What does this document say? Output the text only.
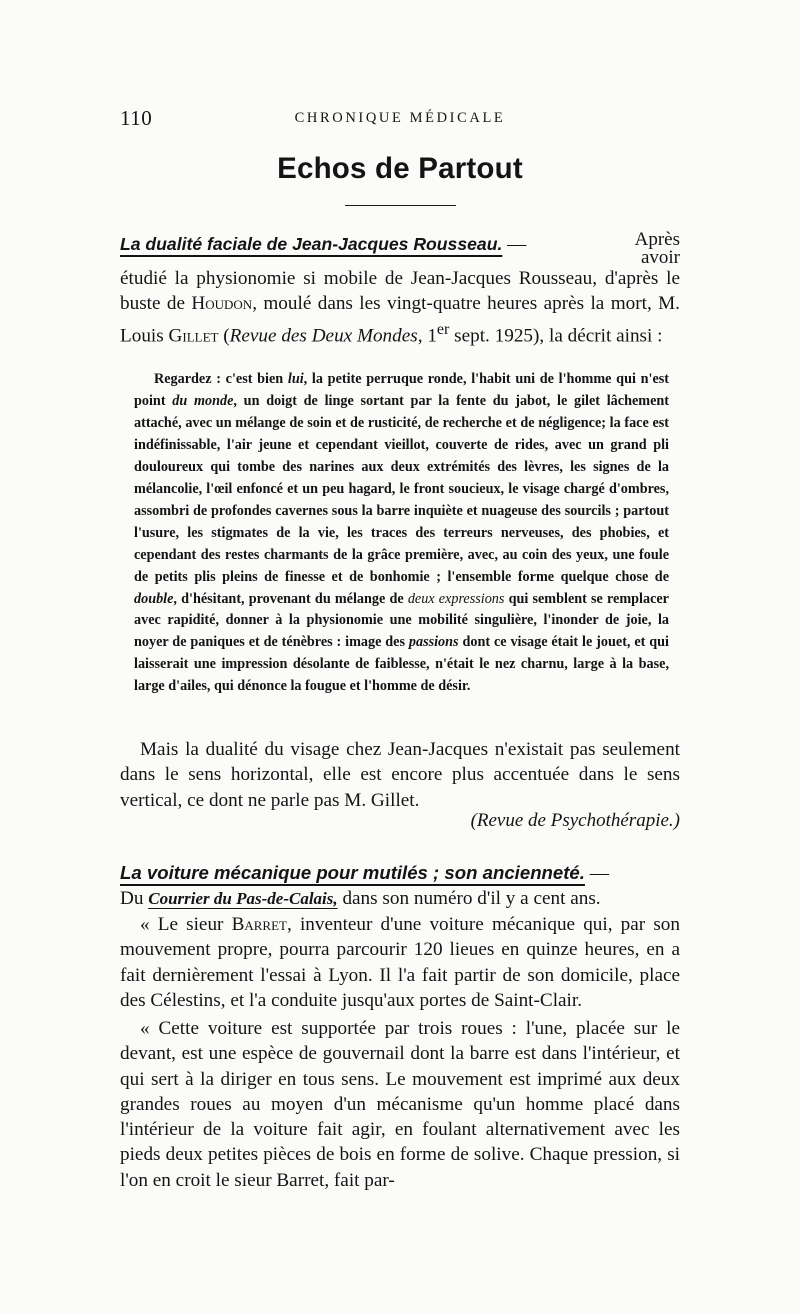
110	CHRONIQUE MÉDICALE
Echos de Partout

La dualité faciale de Jean-Jacques Rousseau. —	Après
avoir

étudié la physionomie si mobile de Jean-Jacques Rousseau, d'après le buste de Houdon, moulé dans les vingt-quatre heures après la mort, M. Louis Gillet (Revue des Deux Mondes, 1er sept. 1925), la décrit ainsi :

Regardez : c'est bien lui, la petite perruque ronde, l'habit uni de l'homme qui n'est point du monde, un doigt de linge sortant par la fente du jabot, le gilet lâchement attaché, avec un mélange de soin et de rusticité, de recherche et de négligence; la face est indéfinissable, l'air jeune et cependant vieillot, couverte de rides, avec un grand pli douloureux qui tombe des narines aux deux extrémités des lèvres, les signes de la mélancolie, l'œil enfoncé et un peu hagard, le front soucieux, le visage chargé d'ombres, assombri de profondes cavernes sous la barre inquiète et nuageuse des sourcils ; partout l'usure, les stigmates de la vie, les traces des terreurs nerveuses, des phobies, et cependant des restes charmants de la grâce première, avec, au coin des yeux, une foule de petits plis pleins de finesse et de bonhomie ; l'ensemble forme quelque chose de double, d'hésitant, provenant du mélange de deux expressions qui semblent se remplacer avec rapidité, donner à la physionomie une mobilité singulière, l'inonder de joie, la noyer de paniques et de ténèbres : image des passions dont ce visage était le jouet, et qui laisserait une impression désolante de faiblesse, n'était le nez charnu, large à la base, large d'ailes, qui dénonce la fougue et l'homme de désir.

Mais la dualité du visage chez Jean-Jacques n'existait pas seulement dans le sens horizontal, elle est encore plus accentuée dans le sens vertical, ce dont ne parle pas M. Gillet.

(Revue de Psychothérapie.)

La voiture mécanique pour mutilés ; son ancienneté. —

Du Courrier du Pas-de-Calais, dans son numéro d'il y a cent ans.

« Le sieur Barret, inventeur d'une voiture mécanique qui, par son mouvement propre, pourra parcourir 120 lieues en quinze heures, en a fait dernièrement l'essai à Lyon. Il l'a fait partir de son domicile, place des Célestins, et l'a conduite jusqu'aux portes de Saint-Clair.

« Cette voiture est supportée par trois roues : l'une, placée sur le devant, est une espèce de gouvernail dont la barre est dans l'intérieur, et qui sert à la diriger en tous sens. Le mouvement est imprimé aux deux grandes roues au moyen d'un mécanisme qu'un homme placé dans l'intérieur de la voiture fait agir, en foulant alternativement avec les pieds deux petites pièces de bois en forme de solive. Chaque pression, si l'on en croit le sieur Barret, fait par-
